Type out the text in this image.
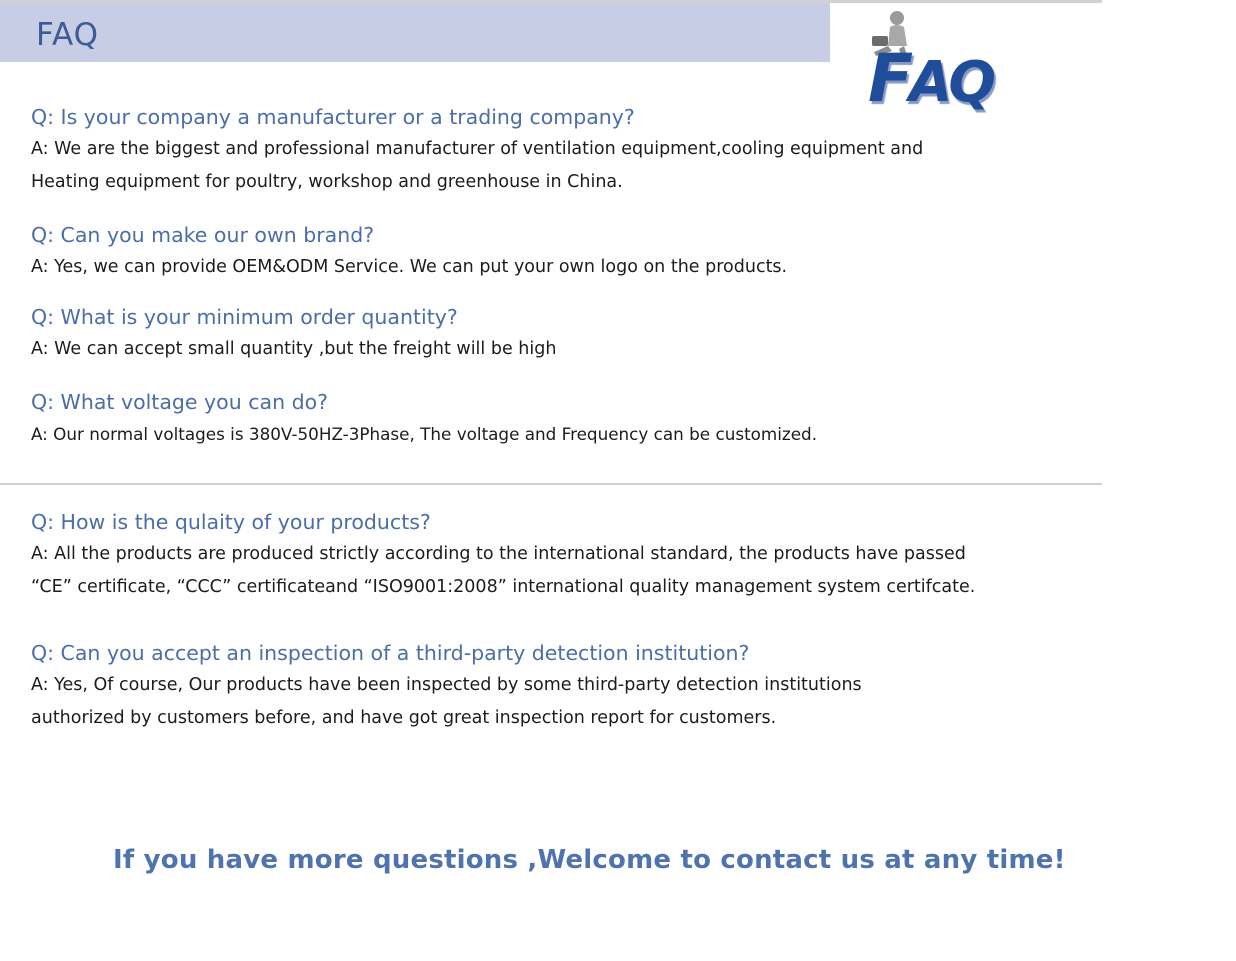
FAQ
FAQ
Q: Is your company a manufacturer or a trading company?
A: We are the biggest and professional manufacturer of ventilation equipment,cooling equipment and
Heating equipment for poultry, workshop and greenhouse in China.
Q: Can you make our own brand?
A: Yes, we can provide OEM&ODM Service. We can put your own logo on the products.
Q: What is your minimum order quantity?
A: We can accept small quantity ,but the freight will be high
Q: What voltage you can do?
A: Our normal voltages is 380V-50HZ-3Phase, The voltage and Frequency can be customized.
Q: How is the qulaity of your products?
A: All the products are produced strictly according to the international standard, the products have passed
“CE” certificate, “CCC” certificateand “ISO9001:2008” international quality management system certifcate.
Q: Can you accept an inspection of a third-party detection institution?
A: Yes, Of course, Our products have been inspected by some third-party detection institutions
authorized by customers before, and have got great inspection report for customers.
If you have more questions ,Welcome to contact us at any time!
